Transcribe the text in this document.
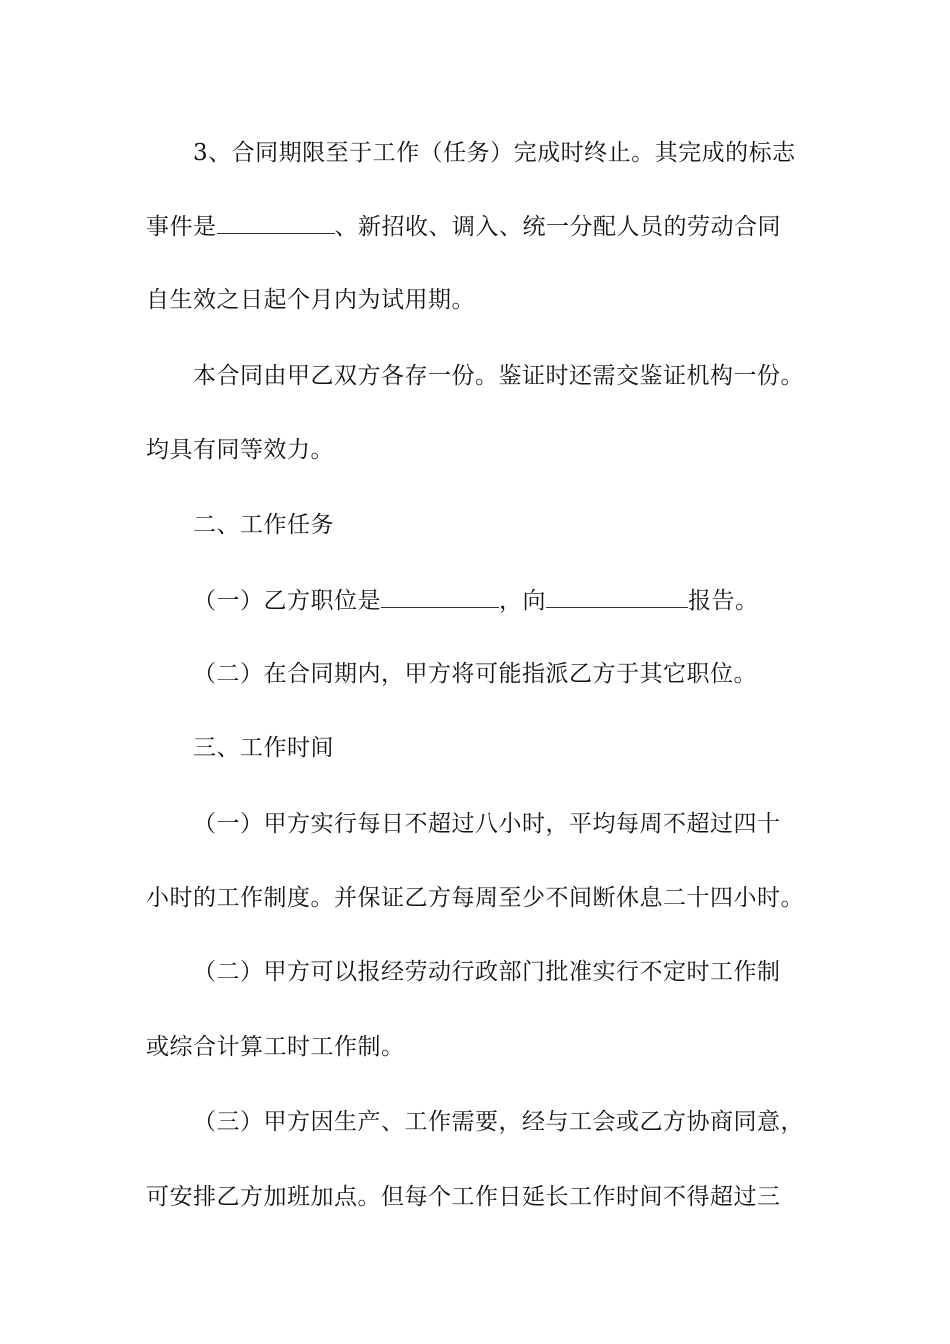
3、合同期限至于工作（任务）完成时终止。其完成的标志
事件是	、新招收、调入、统一分配人员的劳动合同
自生效之日起个月内为试用期。
本合同由甲乙双方各存一份。鉴证时还需交鉴证机构一份。
均具有同等效力。
二、工作任务
（一）乙方职位是	，向	报告。
（二）在合同期内，甲方将可能指派乙方于其它职位。
三、工作时间
（一）甲方实行每日不超过八小时，平均每周不超过四十
小时的工作制度。并保证乙方每周至少不间断休息二十四小时。
（二）甲方可以报经劳动行政部门批准实行不定时工作制
或综合计算工时工作制。
（三）甲方因生产、工作需要，经与工会或乙方协商同意，
可安排乙方加班加点。但每个工作日延长工作时间不得超过三
